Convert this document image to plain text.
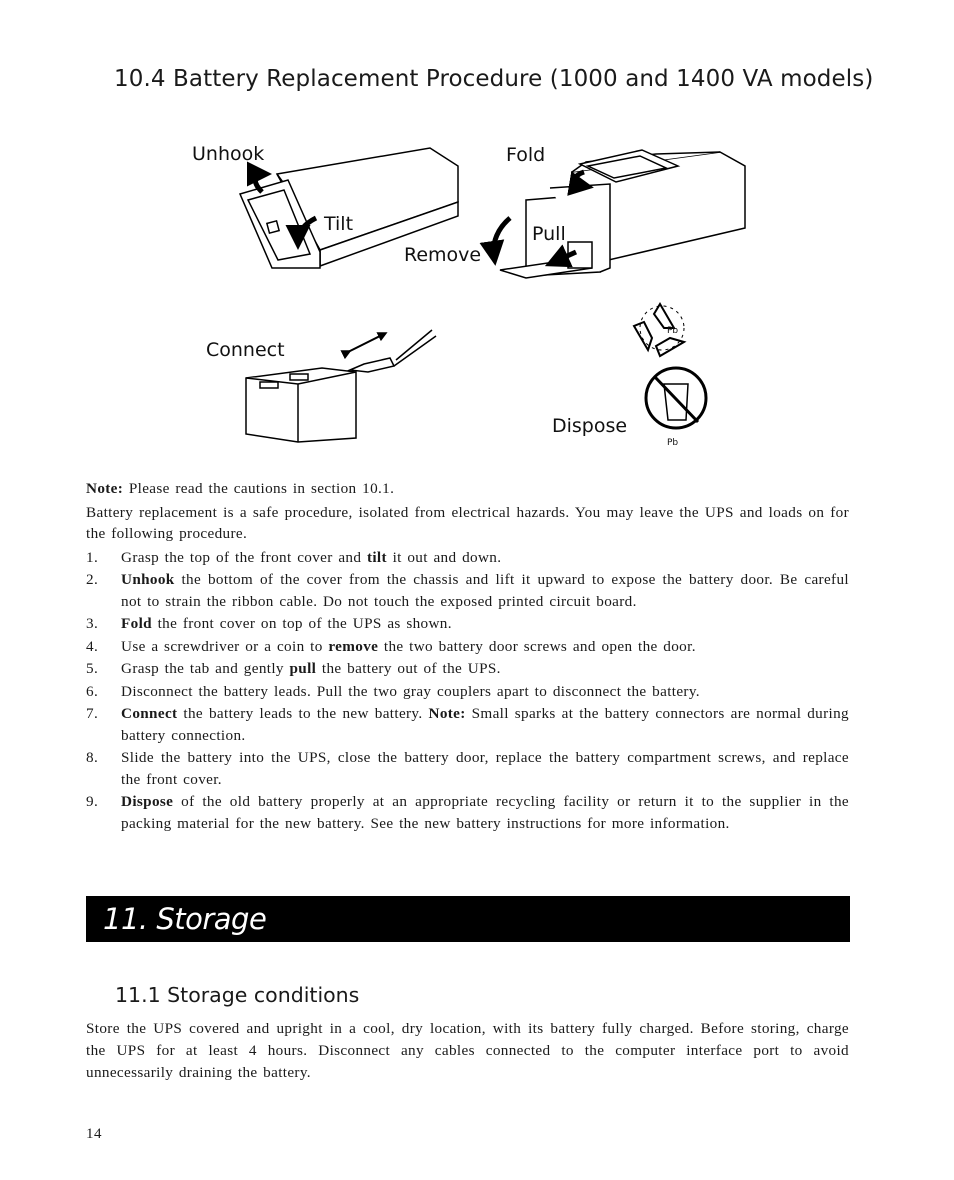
10.4 Battery Replacement Procedure (1000 and 1400 VA models)
Unhook
Tilt
Fold
Remove
Pull
Connect
Pb
Pb
Dispose

Note: Please read the cautions in section 10.1.

Battery replacement is a safe procedure, isolated from electrical hazards. You may leave the UPS and loads on for the following procedure.

1. Grasp the top of the front cover and tilt it out and down.
2. Unhook the bottom of the cover from the chassis and lift it upward to expose the battery door. Be careful not to strain the ribbon cable. Do not touch the exposed printed circuit board.
3. Fold the front cover on top of the UPS as shown.
4. Use a screwdriver or a coin to remove the two battery door screws and open the door.
5. Grasp the tab and gently pull the battery out of the UPS.
6. Disconnect the battery leads. Pull the two gray couplers apart to disconnect the battery.
7. Connect the battery leads to the new battery. Note: Small sparks at the battery connectors are normal during battery connection.
8. Slide the battery into the UPS, close the battery door, replace the battery compartment screws, and replace the front cover.
9. Dispose of the old battery properly at an appropriate recycling facility or return it to the supplier in the packing material for the new battery. See the new battery instructions for more information.
11. Storage
11.1 Storage conditions

Store the UPS covered and upright in a cool, dry location, with its battery fully charged. Before storing, charge the UPS for at least 4 hours. Disconnect any cables connected to the computer interface port to avoid unnecessarily draining the battery.

14
